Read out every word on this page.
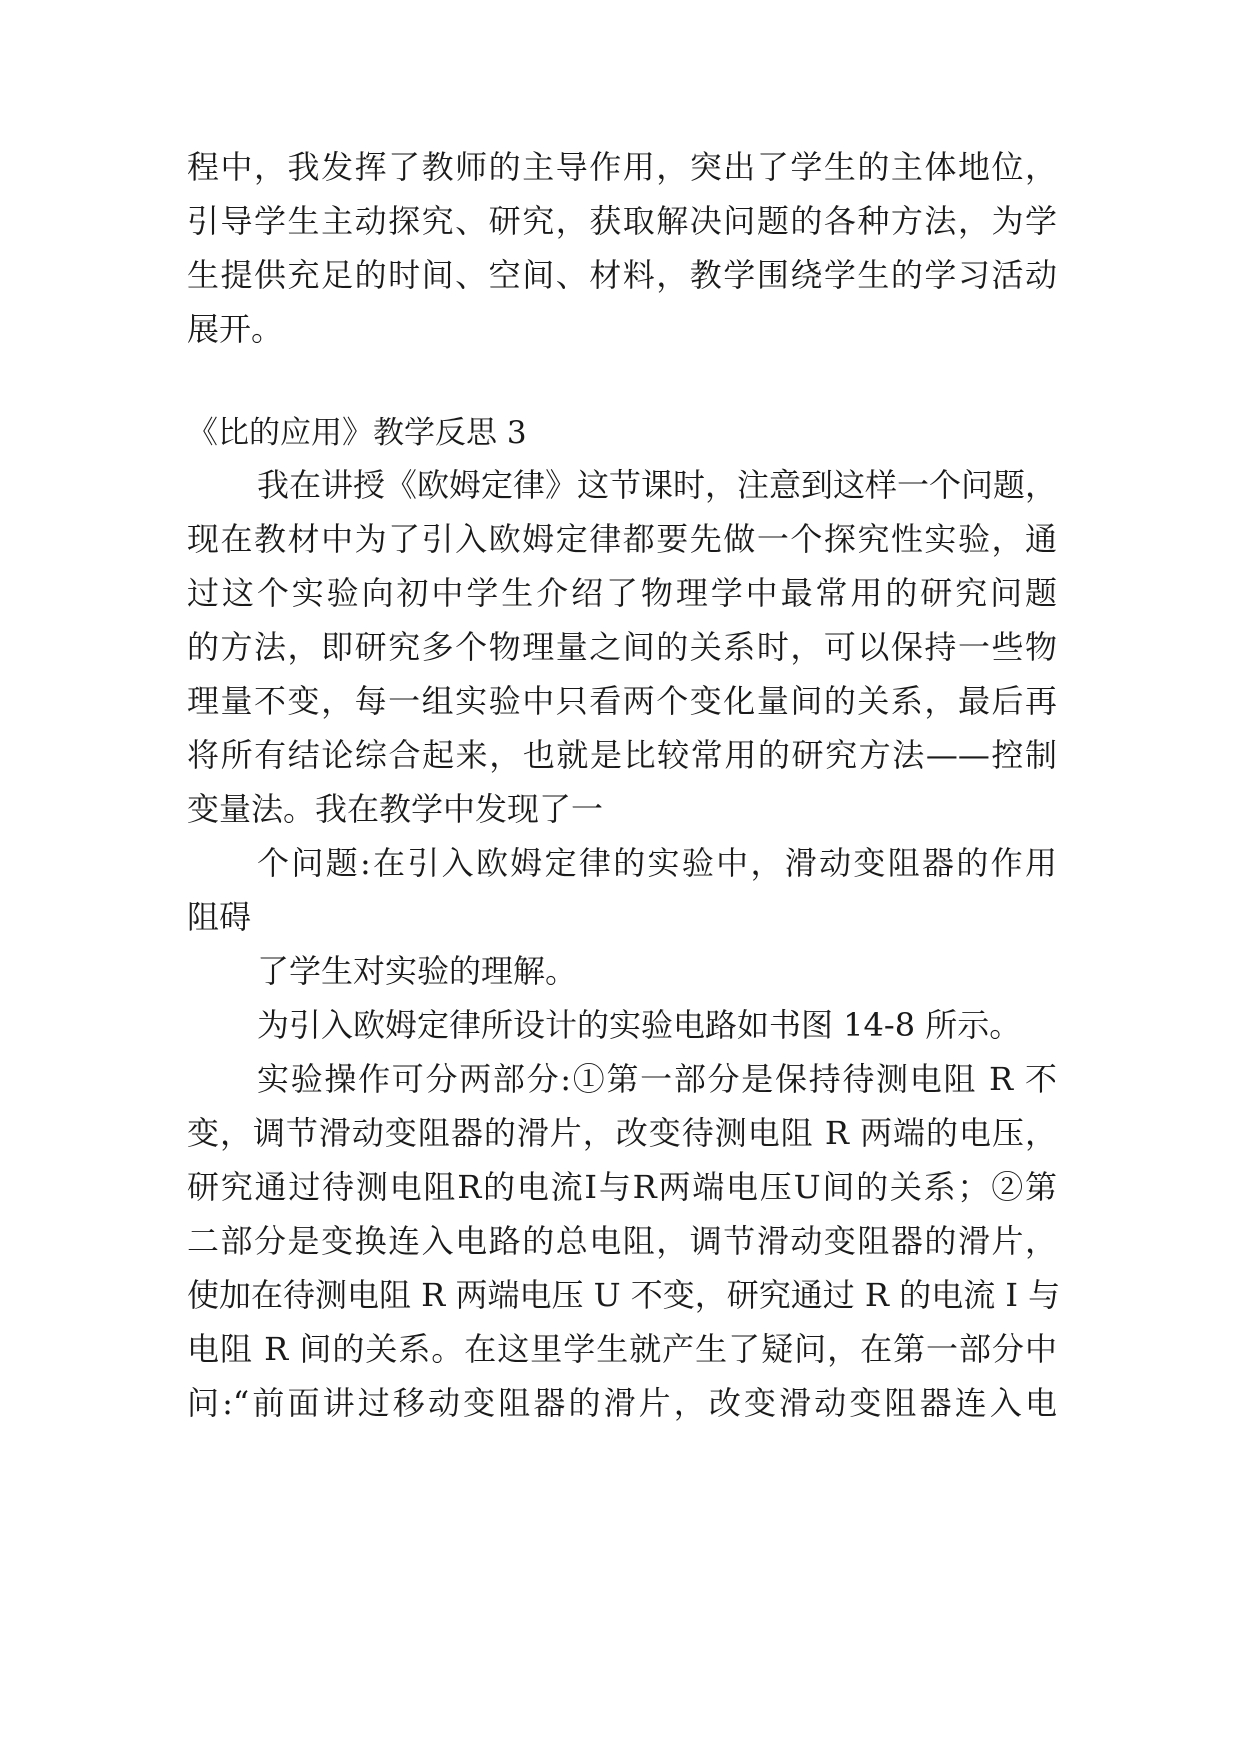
程中，我发挥了教师的主导作用，突出了学生的主体地位，
引导学生主动探究、研究，获取解决问题的各种方法，为学
生提供充足的时间、空间、材料，教学围绕学生的学习活动
展开。
《比的应用》教学反思 3
我在讲授《欧姆定律》这节课时，注意到这样一个问题，
现在教材中为了引入欧姆定律都要先做一个探究性实验，通
过这个实验向初中学生介绍了物理学中最常用的研究问题
的方法，即研究多个物理量之间的关系时，可以保持一些物
理量不变，每一组实验中只看两个变化量间的关系，最后再
将所有结论综合起来，也就是比较常用的研究方法——控制
变量法。我在教学中发现了一
个问题:在引入欧姆定律的实验中，滑动变阻器的作用
阻碍
了学生对实验的理解。
为引入欧姆定律所设计的实验电路如书图 14-8 所示。
实验操作可分两部分:①第一部分是保持待测电阻 R 不
变，调节滑动变阻器的滑片，改变待测电阻 R 两端的电压，
研究通过待测电阻R的电流I与R两端电压U间的关系；②第
二部分是变换连入电路的总电阻，调节滑动变阻器的滑片，
使加在待测电阻 R 两端电压 U 不变，研究通过 R 的电流 I 与
电阻 R 间的关系。在这里学生就产生了疑问，在第一部分中
问:“前面讲过移动变阻器的滑片，改变滑动变阻器连入电
